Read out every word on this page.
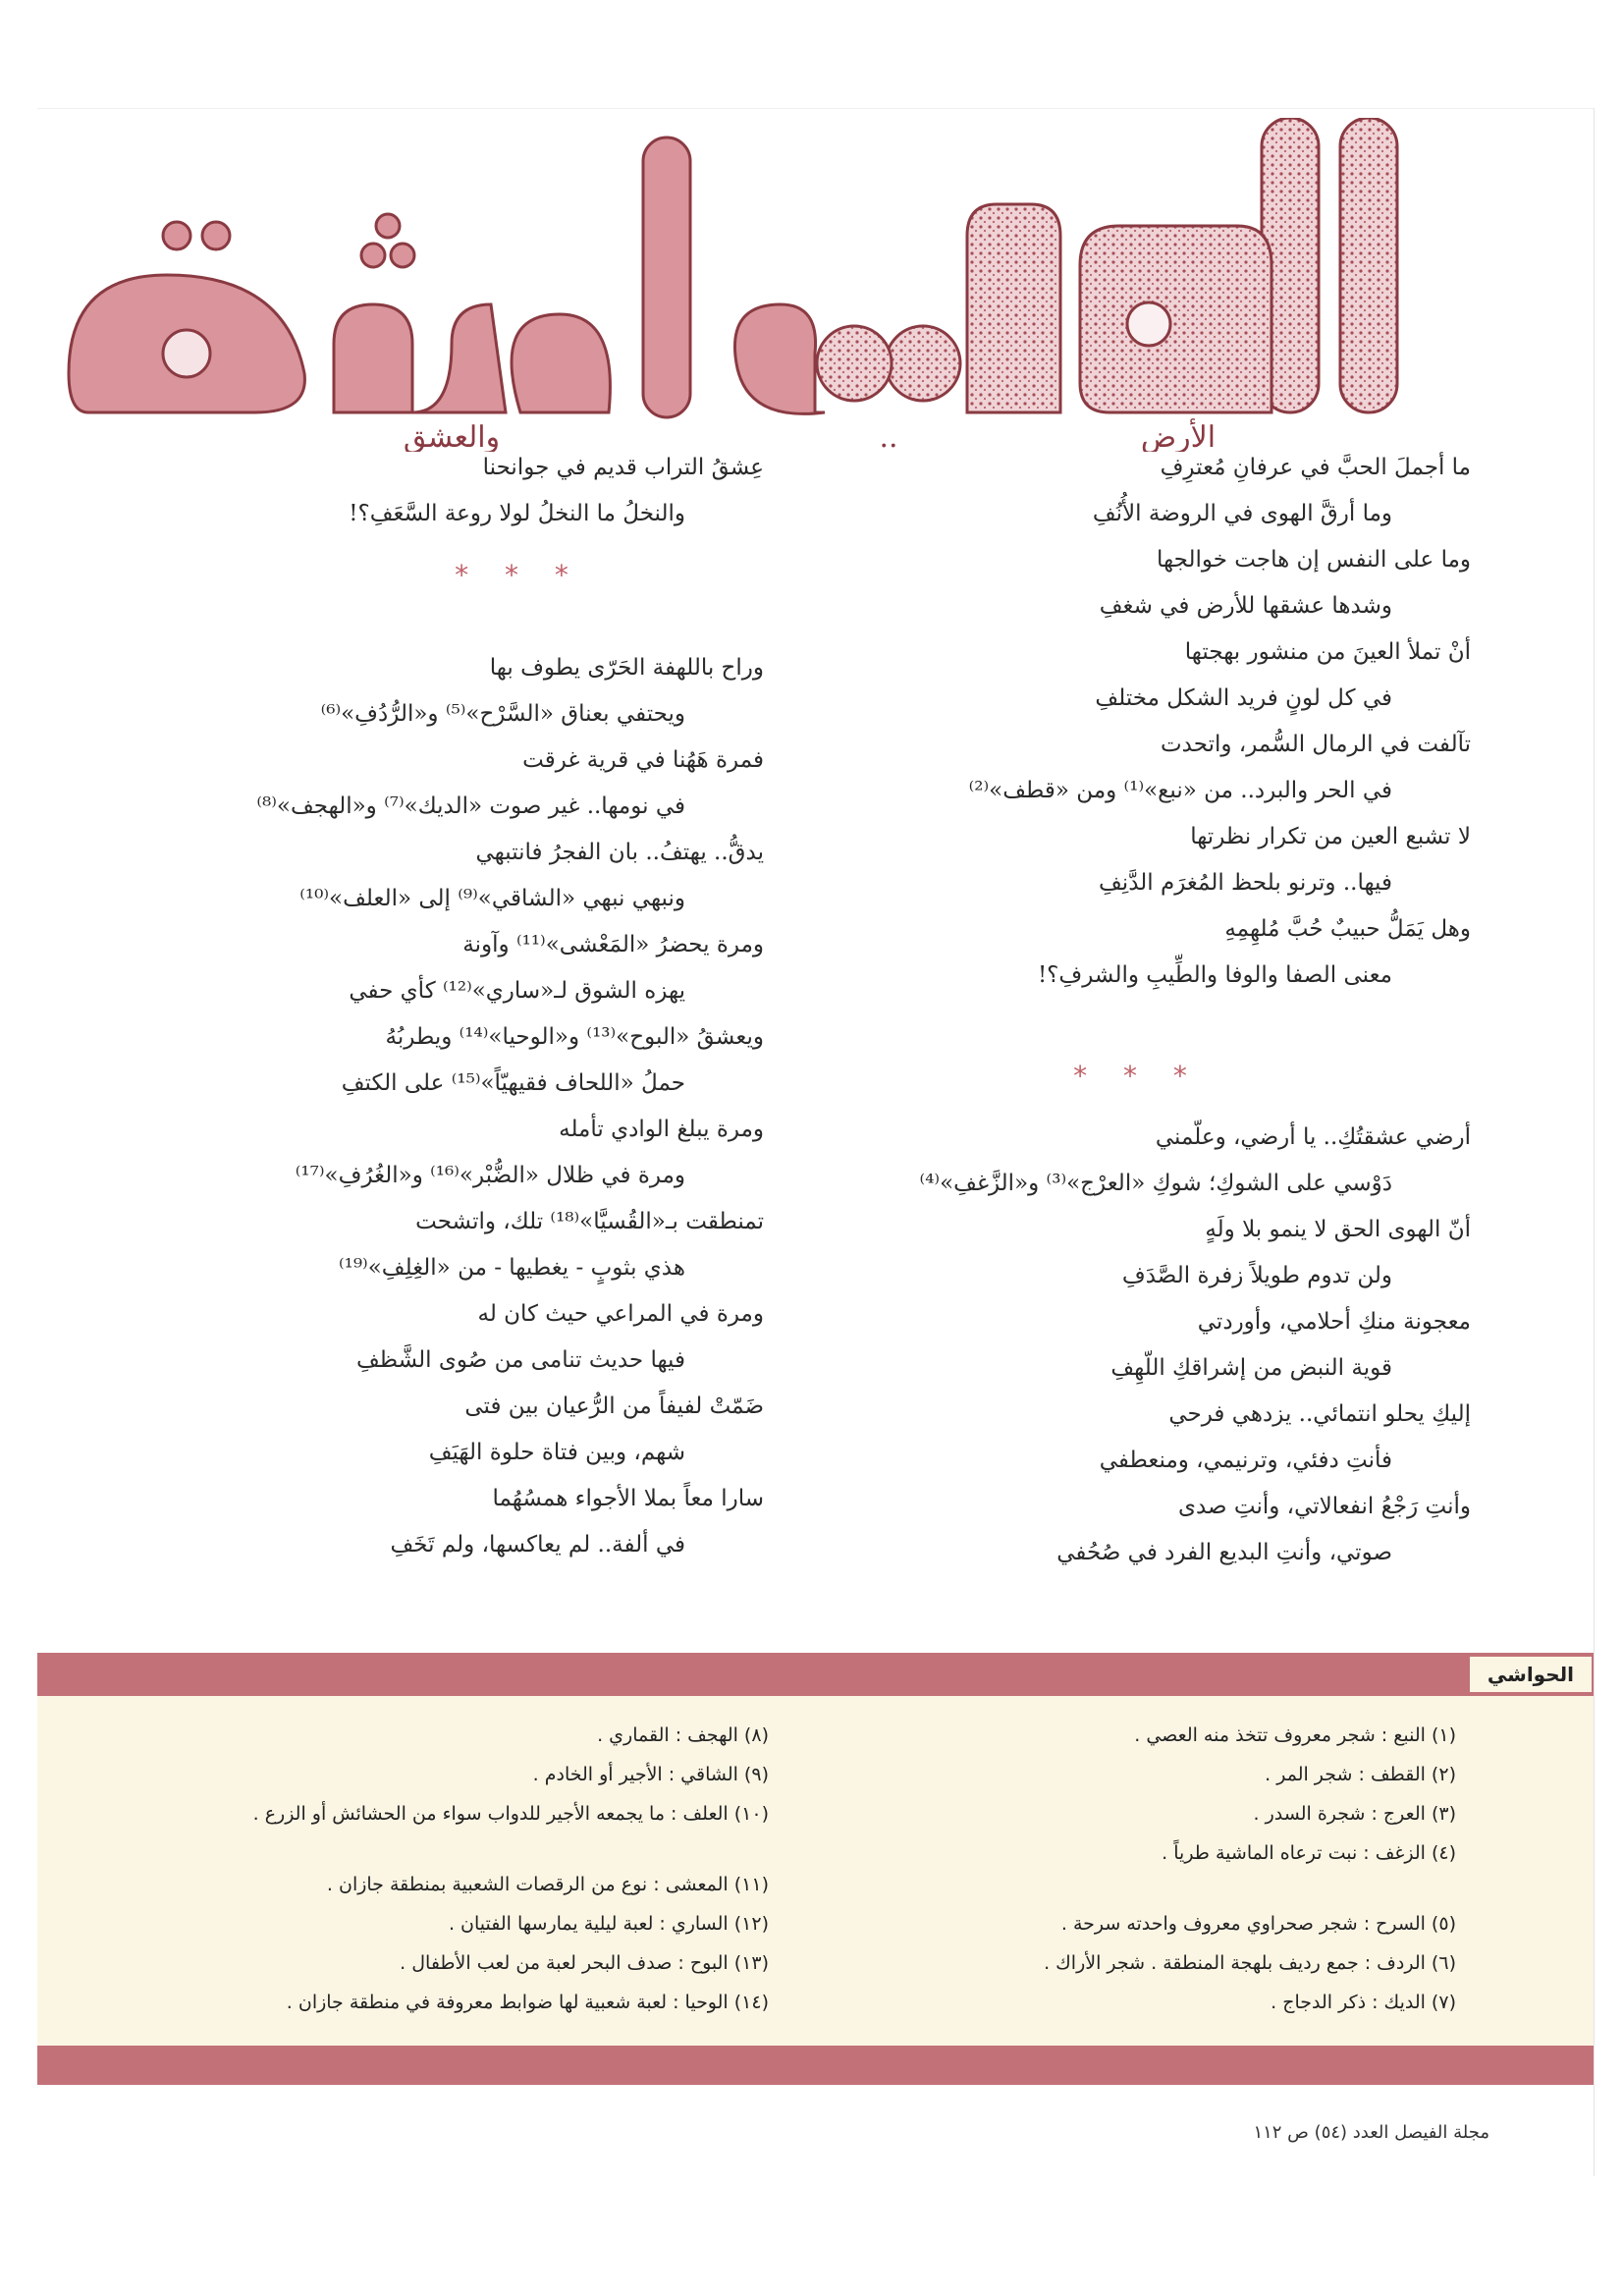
الأرض
..
والعشق
ما أجملَ الحبَّ في عرفانِ مُعترِفِ
وما أرقَّ الهوى في الروضة الأُنُفِ
وما على النفس إن هاجت خوالجها
وشدها عشقها للأرض في شغفِ
أنْ تملأ العينَ من منشور بهجتها
في كل لونٍ فريد الشكل مختلفِ
تآلفت في الرمال السُّمر، واتحدت
في الحر والبرد.. من «نبع»⁽¹⁾ ومن «قطف»⁽²⁾
لا تشبع العين من تكرار نظرتها
فيها.. وترنو بلحظ المُغرَم الدَّنِفِ
وهل يَمَلُّ حبيبٌ حُبَّ مُلهِمِهِ
معنى الصفا والوفا والطِّيبِ والشرفِ؟!
* * *
أرضي عشقتُكِ.. يا أرضي، وعلّمني
دَوْسي على الشوكِ؛ شوكِ «العرْج»⁽³⁾ و«الزَّغفِ»⁽⁴⁾
أنّ الهوى الحق لا ينمو بلا ولَهٍ
ولن تدوم طويلاً زفرة الصَّدَفِ
معجونة منكِ أحلامي، وأوردتي
قوية النبض من إشراقكِ اللّهِفِ
إليكِ يحلو انتمائي.. يزدهي فرحي
فأنتِ دفئي، وترنيمي، ومنعطفي
وأنتِ رَجْعُ انفعالاتي، وأنتِ صدى
صوتي، وأنتِ البديع الفرد في صُحُفي
عِشقُ التراب قديم في جوانحنا
والنخلُ ما النخلُ لولا روعة السَّعَفِ؟!
* * *
وراح باللهفة الحَرّى يطوف بها
ويحتفي بعناق «السَّرْح»⁽⁵⁾ و«الرُّدُفِ»⁽⁶⁾
فمرة هَهُنا في قرية غرقت
في نومها.. غير صوت «الديك»⁽⁷⁾ و«الهجف»⁽⁸⁾
يدقُّ.. يهتفُ.. بان الفجرُ فانتبهي
ونبهي نبهي «الشاقي»⁽⁹⁾ إلى «العلف»⁽¹⁰⁾
ومرة يحضرُ «المَعْشى»⁽¹¹⁾ وآونة
يهزه الشوق لـ«ساري»⁽¹²⁾ كأي حفي
ويعشقُ «البوح»⁽¹³⁾ و«الوحيا»⁽¹⁴⁾ ويطربُهُ
حملُ «اللحاف فقيهيّاً»⁽¹⁵⁾ على الكتفِ
ومرة يبلغ الوادي تأمله
ومرة في ظلال «الضُّبْر»⁽¹⁶⁾ و«الغُرُفِ»⁽¹⁷⁾
تمنطقت بـ«القُسيَّا»⁽¹⁸⁾ تلك، واتشحت
هذي بثوبٍ - يغطيها - من «الغِلِفِ»⁽¹⁹⁾
ومرة في المراعي حيث كان له
فيها حديث تنامى من صُوى الشَّظفِ
ضَمّتْ لفيفاً من الرُّعيان بين فتى
شهم، وبين فتاة حلوة الهَيَفِ
سارا معاً بملا الأجواء همسُهُما
في ألفة.. لم يعاكسها، ولم تَخَفِ
الحواشي
(١) النبع : شجر معروف تتخذ منه العصي .
(٢) القطف : شجر المر .
(٣) العرج : شجرة السدر .
(٤) الزغف : نبت ترعاه الماشية طرياً .
(٥) السرح : شجر صحراوي معروف واحدته سرحة .
(٦) الردف : جمع رديف بلهجة المنطقة . شجر الأراك .
(٧) الديك : ذكر الدجاج .
(٨) الهجف : القماري .
(٩) الشاقي : الأجير أو الخادم .
(١٠) العلف : ما يجمعه الأجير للدواب سواء من الحشائش أو الزرع .
(١١) المعشى : نوع من الرقصات الشعبية بمنطقة جازان .
(١٢) الساري : لعبة ليلية يمارسها الفتيان .
(١٣) البوح : صدف البحر لعبة من لعب الأطفال .
(١٤) الوحيا : لعبة شعبية لها ضوابط معروفة في منطقة جازان .
مجلة الفيصل العدد (٥٤) ص ١١٢
